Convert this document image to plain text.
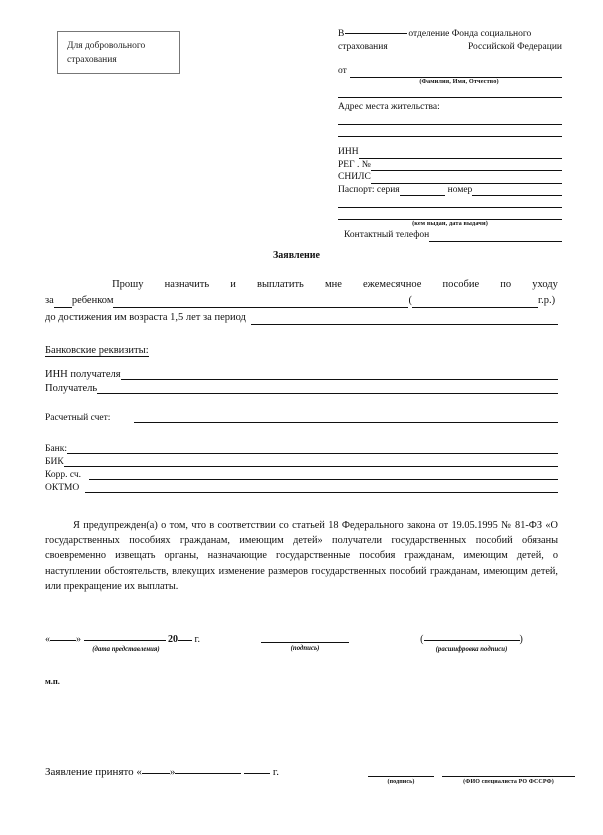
Для добровольного
страхования
В	отделение Фонда социального
страхования	Российской Федерации
от
(Фамилия, Имя, Отчество)
Адрес места жительства:
ИНН
РЕГ . №
СНИЛС
Паспорт: серия	номер
(кем выдан, дата выдачи)
Контактный телефон
Заявление
Прошу назначить и выплатить мне ежемесячное пособие по уходу
за ребенком	(	г.р.)
до достижения им возраста 1,5 лет за период
Банковские реквизиты:
ИНН получателя
Получатель
Расчетный счет:
Банк:
БИК
Корр. сч.
ОКТМО
Я предупрежден(а) о том, что в соответствии со статьей 18 Федерального закона от 19.05.1995 № 81-ФЗ «О государственных пособиях гражданам, имеющим детей» получатели государственных пособий обязаны своевременно извещать органы, назначающие государственные пособия гражданам, имеющим детей, о наступлении обстоятельств, влекущих изменение размеров государственных пособий гражданам, имеющим детей, или прекращение их выплаты.
«	»	20 г.
(дата представления)	(подпись)
(	)
(расшифровка подписи)
м.п.
Заявление принято «	»	г.
(подпись)	(ФИО специалиста РО ФССРФ)
